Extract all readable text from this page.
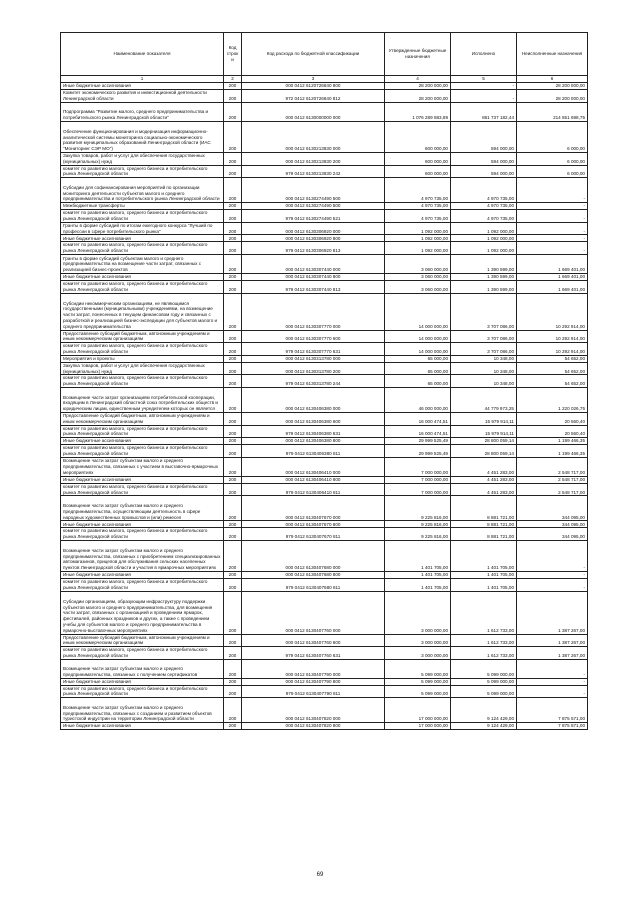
Наименование показателя	Код строки	Код расхода по бюджетной классификации	Утвержденные бюджетные назначения	Исполнено	Неисполненные назначения
1	2	3	4	5	6
Иные бюджетные ассигнования	200	000 0412 6120726840 800	28 200 000,00	-	28 200 000,00
Комитет экономического развития и инвестиционной деятельности Ленинградской области	200	972 0412 6120726840 812	28 200 000,00	-	28 200 000,00
Подпрограмма "Развитие малого, среднего предпринимательства и потребительского рынка Ленинградской области"	200	000 0412 6130000000 000	1 076 289 883,89	861 737 182,44	214 551 698,75
Обеспечение функционирования и модернизация информационно-аналитической системы мониторинга социально-экономического развития муниципальных образований Ленинградской области (ИАС "Мониторинг СЭР МО")	200	000 0412 6130213830 000	600 000,00	594 000,00	6 000,00
Закупка товаров, работ и услуг для обеспечения государственных (муниципальных) нужд	200	000 0412 6130213830 200	600 000,00	594 000,00	6 000,00
комитет по развитию малого, среднего бизнеса и потребительского рынка Ленинградской области	200	979 0412 6130213830 242	600 000,00	594 000,00	6 000,00
Субсидии для софинансирования мероприятий по организации мониторинга деятельности субъектов малого и среднего предпринимательства и потребительского рынка Ленинградской области	200	000 0412 6130274490 500	4 970 735,00	4 970 735,00	-
Межбюджетные трансферты	200	000 0412 6130274490 500	4 970 735,00	4 970 735,00	-
комитет по развитию малого, среднего бизнеса и потребительского рынка Ленинградской области	200	979 0412 6130274490 521	4 970 735,00	4 970 735,00	-
Гранты в форме субсидий по итогам ежегодного конкурса "Лучший по профессии в сфере потребительского рынка"	200	000 0412 6130306920 000	1 092 000,00	1 092 000,00	-
Иные бюджетные ассигнования	200	000 0412 6130306920 800	1 092 000,00	1 092 000,00	-
комитет по развитию малого, среднего бизнеса и потребительского рынка Ленинградской области	200	979 0412 6130306920 813	1 092 000,00	1 092 000,00	-
Гранты в форме субсидий субъектам малого и среднего предпринимательства на возмещение части затрат, связанных с реализацией бизнес-проектов	200	000 0412 6130307440 000	3 060 000,00	1 390 599,00	1 669 401,00
Иные бюджетные ассигнования	200	000 0412 6130307440 800	3 060 000,00	1 390 599,00	1 669 401,00
комитет по развитию малого, среднего бизнеса и потребительского рынка Ленинградской области	200	979 0412 6130307440 813	3 060 000,00	1 390 599,00	1 669 401,00
Субсидии некоммерческим организациям, не являющимся государственными (муниципальными) учреждениями, на возмещение части затрат, понесенных в текущем финансовом году и связанных с разработкой и реализацией бизнес-экспедиции для субъектов малого и среднего предпринимательства	200	000 0412 6130307770 000	14 000 000,00	3 707 086,00	10 292 914,00
Предоставление субсидий бюджетным, автономным учреждениям и иным некоммерческим организациям	200	000 0412 6130307770 600	14 000 000,00	3 707 086,00	10 292 914,00
комитет по развитию малого, среднего бизнеса и потребительского рынка Ленинградской области	200	979 0412 6130307770 631	14 000 000,00	3 707 086,00	10 292 914,00
Мероприятия и проекты	200	000 0412 6130313780 000	65 000,00	10 348,00	54 652,00
Закупка товаров, работ и услуг для обеспечения государственных (муниципальных) нужд	200	000 0412 6130313780 200	65 000,00	10 348,00	54 652,00
комитет по развитию малого, среднего бизнеса и потребительского рынка Ленинградской области	200	979 0412 6130313780 244	65 000,00	10 348,00	54 652,00
Возмещение части затрат организациям потребительской кооперации, входящим в Ленинградский областной союз потребительских обществ и юридическим лицам, единственным учредителем которых он является	200	000 0412 6130406380 000	46 000 000,00	44 779 973,25	1 220 026,75
Предоставление субсидий бюджетным, автономным учреждениям и иным некоммерческим организациям	200	000 0412 6130406380 600	16 000 474,51	15 979 914,11	20 560,40
комитет по развитию малого, среднего бизнеса и потребительского рынка Ленинградской области	200	979 0412 6130406380 631	16 000 474,51	15 979 914,11	20 560,40
Иные бюджетные ассигнования	200	000 0412 6130406380 800	29 999 525,49	28 800 059,14	1 199 466,35
комитет по развитию малого, среднего бизнеса и потребительского рынка Ленинградской области	200	979 0412 6130406380 811	29 999 525,49	28 800 059,14	1 199 466,35
Возмещение части затрат субъектам малого и среднего предпринимательства, связанных с участием в выставочно-ярмарочных мероприятиях	200	000 0412 6130406410 000	7 000 000,00	4 451 283,00	2 548 717,00
Иные бюджетные ассигнования	200	000 0412 6130406410 800	7 000 000,00	4 451 283,00	2 548 717,00
комитет по развитию малого, среднего бизнеса и потребительского рынка Ленинградской области	200	979 0412 6130406410 811	7 000 000,00	4 451 283,00	2 548 717,00
Возмещение части затрат субъектам малого и среднего предпринимательства, осуществляющим деятельность в сфере народных художественных промыслов и (или) ремесел	200	000 0412 6130407670 000	9 225 816,00	8 881 721,00	344 095,00
Иные бюджетные ассигнования	200	000 0412 6130407670 800	9 225 816,00	8 881 721,00	344 095,00
комитет по развитию малого, среднего бизнеса и потребительского рынка Ленинградской области	200	979 0412 6130407670 811	9 225 816,00	8 881 721,00	344 095,00
Возмещение части затрат субъектам малого и среднего предпринимательства, связанных с приобретением специализированных автомагазинов, прицепов для обслуживания сельских населенных пунктов Ленинградской области и участия в ярмарочных мероприятиях	200	000 0412 6130407680 000	1 401 705,00	1 401 705,00	-
Иные бюджетные ассигнования	200	000 0412 6130407680 800	1 401 705,00	1 401 705,00	-
комитет по развитию малого, среднего бизнеса и потребительского рынка Ленинградской области	200	979 0412 6130407680 811	1 401 705,00	1 401 705,00	-
Субсидии организациям, образующим инфраструктуру поддержки субъектов малого и среднего предпринимательства, для возмещения части затрат, связанных с организацией и проведением ярмарок, фестивалей, районных праздников и других, а также с проведением учебы для субъектов малого и среднего предпринимательства в ярмарочно-выставочных мероприятиях	200	000 0412 6130407760 000	3 000 000,00	1 612 733,00	1 387 267,00
Предоставление субсидий бюджетным, автономным учреждениям и иным некоммерческим организациям	200	000 0412 6130407760 600	3 000 000,00	1 612 733,00	1 387 267,00
комитет по развитию малого, среднего бизнеса и потребительского рынка Ленинградской области	200	979 0412 6130407760 631	3 000 000,00	1 612 733,00	1 387 267,00
Возмещение части затрат субъектам малого и среднего предпринимательства, связанных с получением сертификатов	200	000 0412 6130407790 000	5 099 000,00	5 099 000,00	-
Иные бюджетные ассигнования	200	000 0412 6130407790 800	5 099 000,00	5 099 000,00	-
комитет по развитию малого, среднего бизнеса и потребительского рынка Ленинградской области	200	979 0412 6130407790 811	5 099 000,00	5 099 000,00	-
Возмещение части затрат субъектам малого и среднего предпринимательства, связанных с созданием и развитием объектов туристской индустрии на территории Ленинградской области	200	000 0412 6130407820 000	17 000 000,00	9 124 429,00	7 875 571,00
Иные бюджетные ассигнования	200	000 0412 6130407820 800	17 000 000,00	9 124 429,00	7 875 571,00
69
